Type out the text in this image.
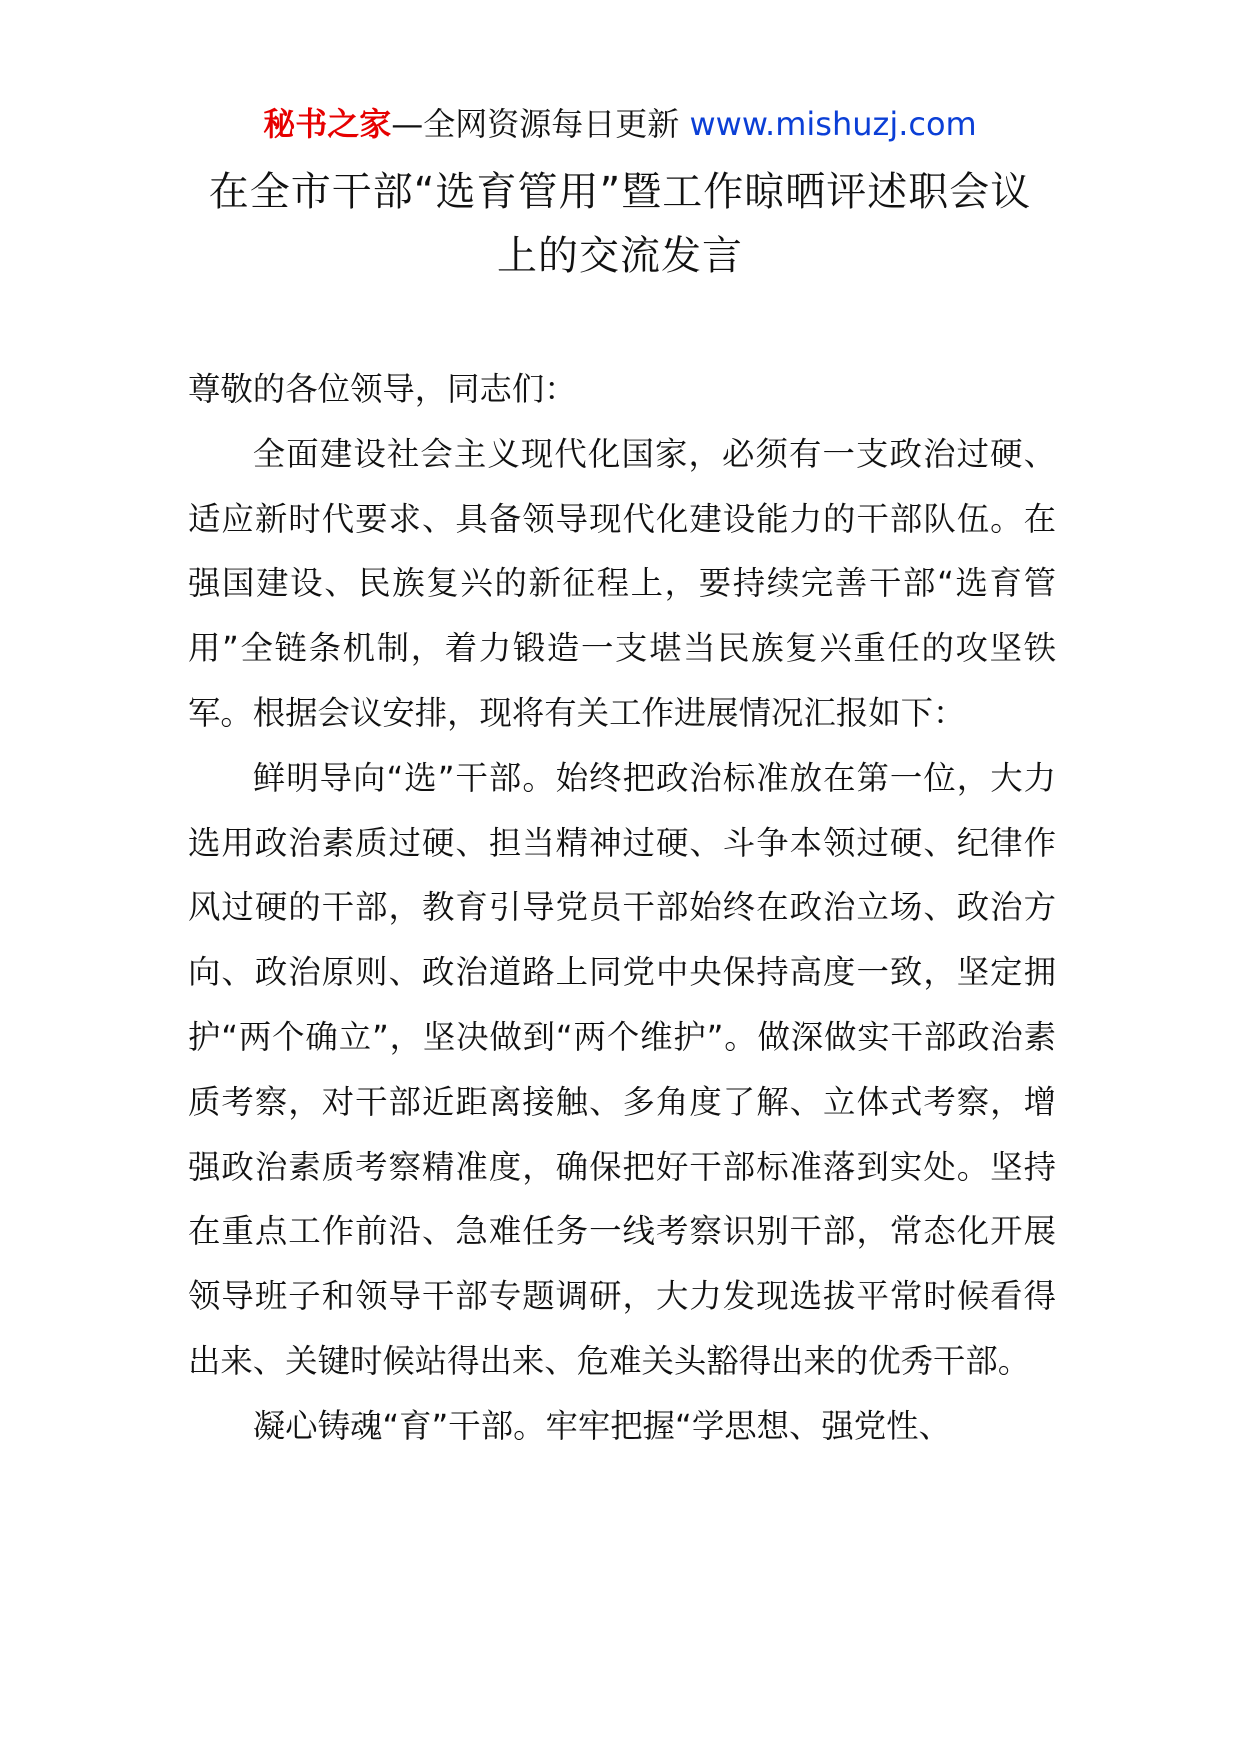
秘书之家—全网资源每日更新 www.mishuzj.com
在全市干部“选育管用”暨工作晾晒评述职会议上的交流发言

尊敬的各位领导，同志们：

全面建设社会主义现代化国家，必须有一支政治过硬、适应新时代要求、具备领导现代化建设能力的干部队伍。在强国建设、民族复兴的新征程上，要持续完善干部“选育管用”全链条机制，着力锻造一支堪当民族复兴重任的攻坚铁军。根据会议安排，现将有关工作进展情况汇报如下：

鲜明导向“选”干部。始终把政治标准放在第一位，大力选用政治素质过硬、担当精神过硬、斗争本领过硬、纪律作风过硬的干部，教育引导党员干部始终在政治立场、政治方向、政治原则、政治道路上同党中央保持高度一致，坚定拥护“两个确立”，坚决做到“两个维护”。做深做实干部政治素质考察，对干部近距离接触、多角度了解、立体式考察，增强政治素质考察精准度，确保把好干部标准落到实处。坚持在重点工作前沿、急难任务一线考察识别干部，常态化开展领导班子和领导干部专题调研，大力发现选拔平常时候看得出来、关键时候站得出来、危难关头豁得出来的优秀干部。

凝心铸魂“育”干部。牢牢把握“学思想、强党性、
